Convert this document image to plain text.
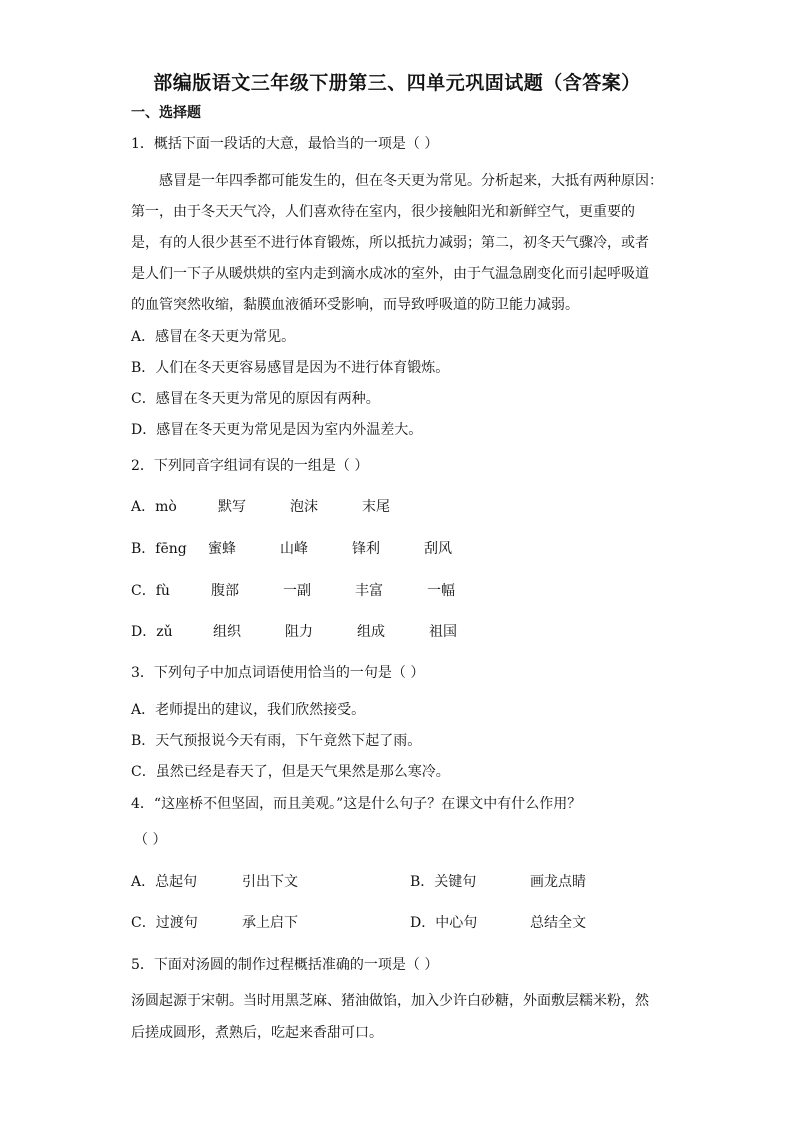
部编版语文三年级下册第三、四单元巩固试题（含答案）
一、选择题
1．概括下面一段话的大意，最恰当的一项是（ ）
感冒是一年四季都可能发生的，但在冬天更为常见。分析起来，大抵有两种原因：
第一，由于冬天天气冷，人们喜欢待在室内，很少接触阳光和新鲜空气，更重要的
是，有的人很少甚至不进行体育锻炼，所以抵抗力减弱；第二，初冬天气骤冷，或者
是人们一下子从暖烘烘的室内走到滴水成冰的室外，由于气温急剧变化而引起呼吸道
的血管突然收缩，黏膜血液循环受影响，而导致呼吸道的防卫能力减弱。
A．感冒在冬天更为常见。
B．人们在冬天更容易感冒是因为不进行体育锻炼。
C．感冒在冬天更为常见的原因有两种。
D．感冒在冬天更为常见是因为室内外温差大。
2．下列同音字组词有误的一组是（ ）
A．mò	默写	泡沫	末尾
B．fēng 蜜蜂	山峰	锋利	刮风
C．fù	腹部	一副	丰富	一幅
D．zǔ	组织	阻力	组成	祖国
3．下列句子中加点词语使用恰当的一句是（ ）
A．老师提出的建议，我们欣然接受。
B．天气预报说今天有雨，下午竟然下起了雨。
C．虽然已经是春天了，但是天气果然是那么寒冷。
4．“这座桥不但坚固，而且美观。”这是什么句子？在课文中有什么作用？
（ ）
A．总起句	引出下文	B．关键句	画龙点睛
C．过渡句	承上启下	D．中心句	总结全文
5．下面对汤圆的制作过程概括准确的一项是（ ）
汤圆起源于宋朝。当时用黑芝麻、猪油做馅，加入少许白砂糖，外面敷层糯米粉，然
后搓成圆形，煮熟后，吃起来香甜可口。
